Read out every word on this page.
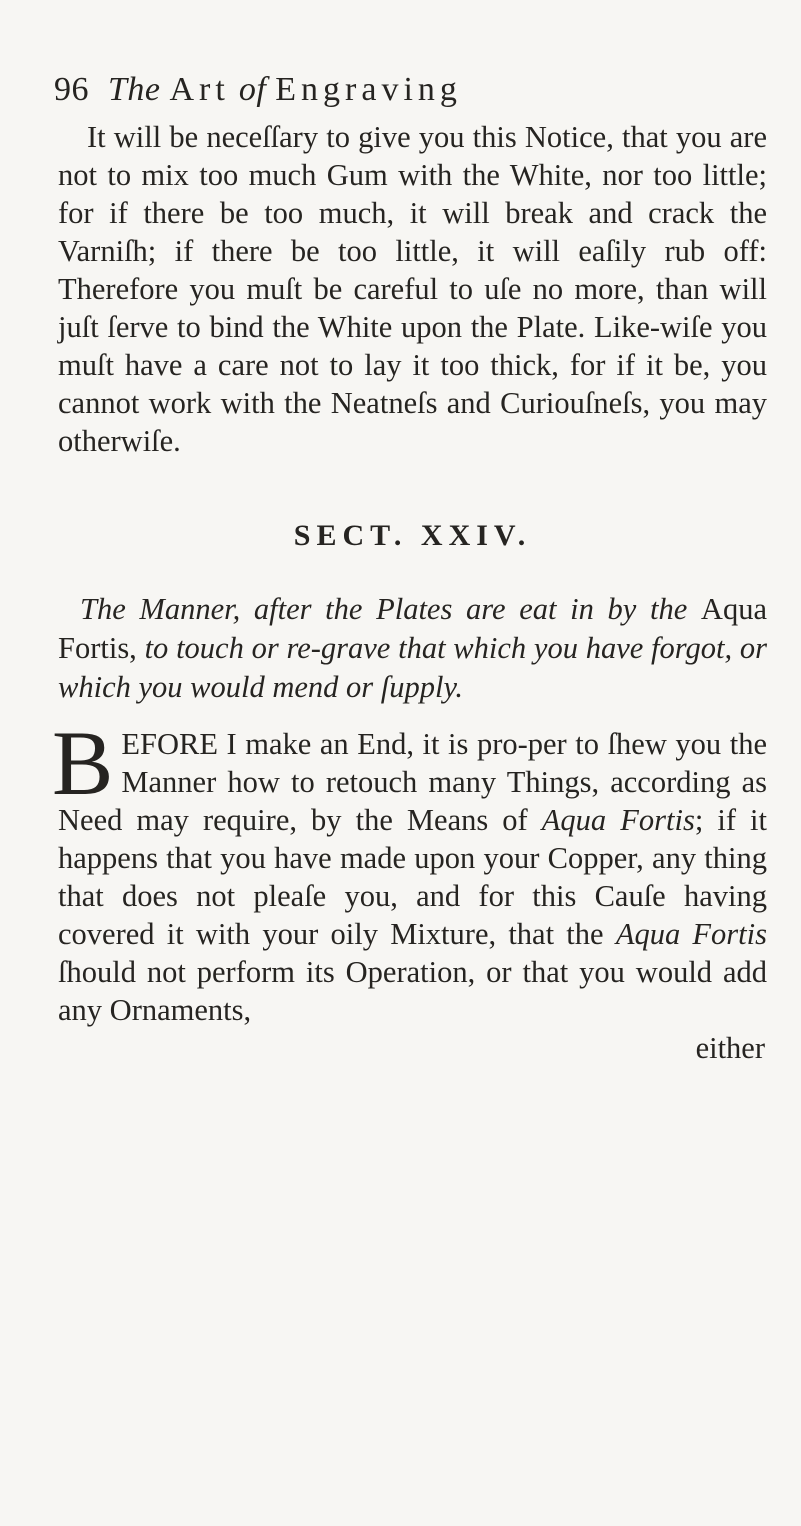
96 The Art of Engraving

It will be neceſſary to give you this Notice, that you are not to mix too much Gum with the White, nor too little; for if there be too much, it will break and crack the Varniſh; if there be too little, it will eaſily rub off: Therefore you muſt be careful to uſe no more, than will juſt ſerve to bind the White upon the Plate. Like-wiſe you muſt have a care not to lay it too thick, for if it be, you cannot work with the Neatneſs and Curiouſneſs, you may otherwiſe.

SECT. XXIV.

The Manner, after the Plates are eat in by the Aqua Fortis, to touch or re-grave that which you have forgot, or which you would mend or ſupply.

BEFORE I make an End, it is pro-per to ſhew you the Manner how to retouch many Things, according as Need may require, by the Means of Aqua Fortis; if it happens that you have made upon your Copper, any thing that does not pleaſe you, and for this Cauſe having covered it with your oily Mixture, that the Aqua Fortis ſhould not perform its Operation, or that you would add any Ornaments,

either
